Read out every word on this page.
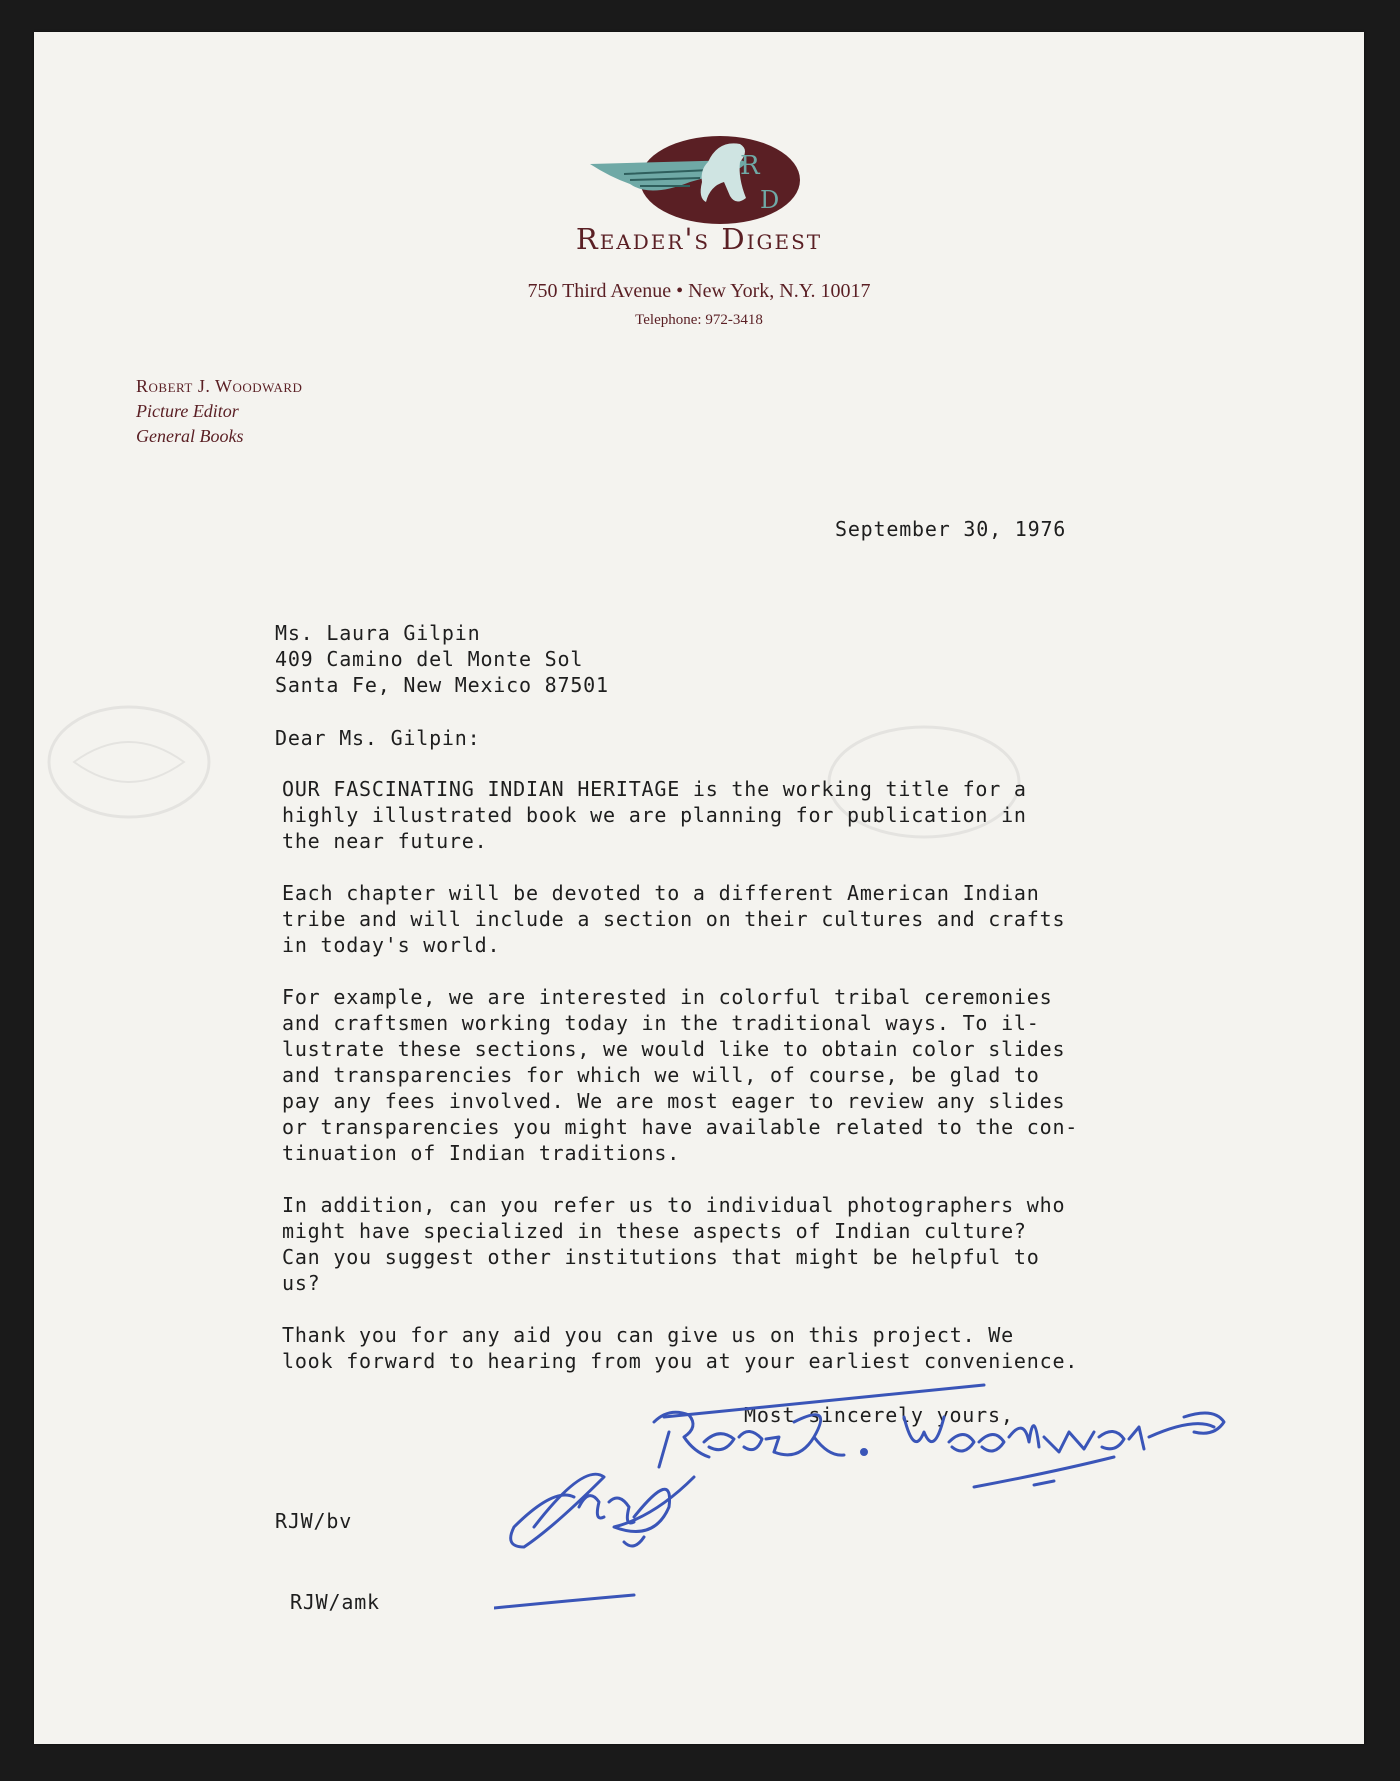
R
D
Reader's Digest
750 Third Avenue • New York, N.Y. 10017
Telephone: 972-3418
Robert J. Woodward
Picture Editor
General Books
September 30, 1976
Ms. Laura Gilpin
409 Camino del Monte Sol
Santa Fe, New Mexico 87501
Dear Ms. Gilpin:

OUR FASCINATING INDIAN HERITAGE is the working title for a
highly illustrated book we are planning for publication in
the near future.

Each chapter will be devoted to a different American Indian
tribe and will include a section on their cultures and crafts
in today's world.

For example, we are interested in colorful tribal ceremonies
and craftsmen working today in the traditional ways. To il-
lustrate these sections, we would like to obtain color slides
and transparencies for which we will, of course, be glad to
pay any fees involved. We are most eager to review any slides
or transparencies you might have available related to the con-
tinuation of Indian traditions.

In addition, can you refer us to individual photographers who
might have specialized in these aspects of Indian culture?
Can you suggest other institutions that might be helpful to
us?

Thank you for any aid you can give us on this project. We
look forward to hearing from you at your earliest convenience.

Most sincerely yours,
RJW/bv
RJW/amk
